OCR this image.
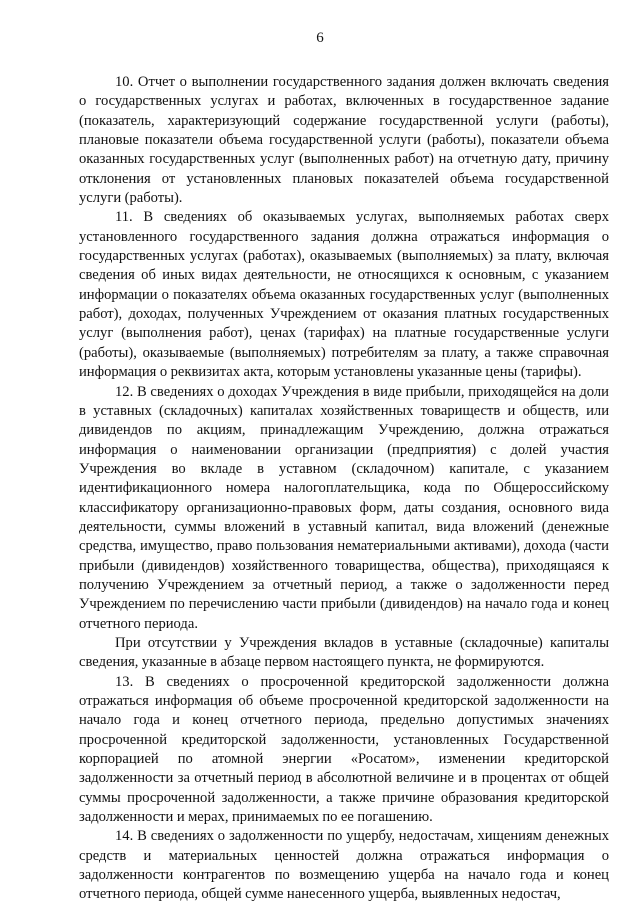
6

10. Отчет о выполнении государственного задания должен включать сведения о государственных услугах и работах, включенных в государственное задание (показатель, характеризующий содержание государственной услуги (работы), плановые показатели объема государственной услуги (работы), показатели объема оказанных государственных услуг (выполненных работ) на отчетную дату, причину отклонения от установленных плановых показателей объема государственной услуги (работы).

11. В сведениях об оказываемых услугах, выполняемых работах сверх установленного государственного задания должна отражаться информация о государственных услугах (работах), оказываемых (выполняемых) за плату, включая сведения об иных видах деятельности, не относящихся к основным, с указанием информации о показателях объема оказанных государственных услуг (выполненных работ), доходах, полученных Учреждением от оказания платных государственных услуг (выполнения работ), ценах (тарифах) на платные государственные услуги (работы), оказываемые (выполняемых) потребителям за плату, а также справочная информация о реквизитах акта, которым установлены указанные цены (тарифы).

12. В сведениях о доходах Учреждения в виде прибыли, приходящейся на доли в уставных (складочных) капиталах хозяйственных товариществ и обществ, или дивидендов по акциям, принадлежащим Учреждению, должна отражаться информация о наименовании организации (предприятия) с долей участия Учреждения во вкладе в уставном (складочном) капитале, с указанием идентификационного номера налогоплательщика, кода по Общероссийскому классификатору организационно-правовых форм, даты создания, основного вида деятельности, суммы вложений в уставный капитал, вида вложений (денежные средства, имущество, право пользования нематериальными активами), дохода (части прибыли (дивидендов) хозяйственного товарищества, общества), приходящаяся к получению Учреждением за отчетный период, а также о задолженности перед Учреждением по перечислению части прибыли (дивидендов) на начало года и конец отчетного периода.

При отсутствии у Учреждения вкладов в уставные (складочные) капиталы сведения, указанные в абзаце первом настоящего пункта, не формируются.

13. В сведениях о просроченной кредиторской задолженности должна отражаться информация об объеме просроченной кредиторской задолженности на начало года и конец отчетного периода, предельно допустимых значениях просроченной кредиторской задолженности, установленных Государственной корпорацией по атомной энергии «Росатом», изменении кредиторской задолженности за отчетный период в абсолютной величине и в процентах от общей суммы просроченной задолженности, а также причине образования кредиторской задолженности и мерах, принимаемых по ее погашению.

14. В сведениях о задолженности по ущербу, недостачам, хищениям денежных средств и материальных ценностей должна отражаться информация о задолженности контрагентов по возмещению ущерба на начало года и конец отчетного периода, общей сумме нанесенного ущерба, выявленных недостач,
